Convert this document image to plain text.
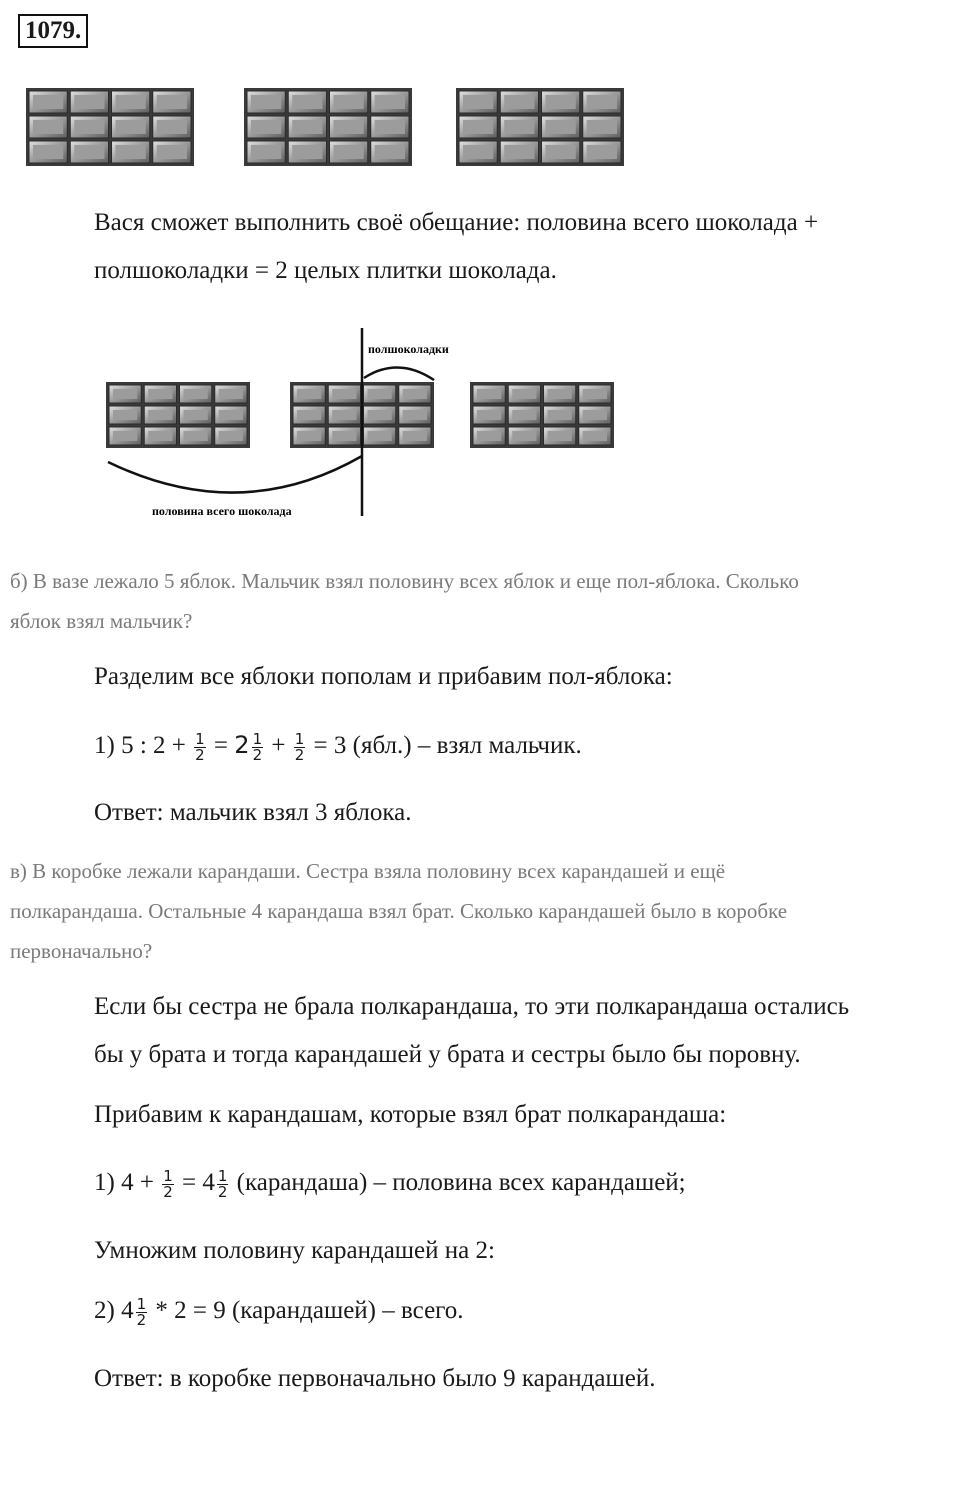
1079.
Вася сможет выполнить своё обещание: половина всего шоколада +
полшоколадки = 2 целых плитки шоколада.
полшоколадки
половина всего шоколада
б) В вазе лежало 5 яблок. Мальчик взял половину всех яблок и еще пол-яблока. Сколько
яблок взял мальчик?
Разделим все яблоки пополам и прибавим пол-яблока:
1) 5 : $2 + \frac{1}{2} = 2 \frac{1}{2} + \frac{1}{2} = 3$ (ябл.) – взял мальчик.
Ответ: мальчик взял 3 яблока.
в) В коробке лежали карандаши. Сестра взяла половину всех карандашей и ещё
полкарандаша. Остальные 4 карандаша взял брат. Сколько карандашей было в коробке
первоначально?
Если бы сестра не брала полкарандаша, то эти полкарандаша остались
бы у брата и тогда карандашей у брата и сестры было бы поровну.
Прибавим к карандашам, которые взял брат полкарандаша:
1) $4 + \frac{1}{2} = 4 \frac{1}{2}$ (карандаша) – половина всех карандашей;
Умножим половину карандашей на 2:
2) $4 \frac{1}{2} * 2 = 9$ (карандашей) – всего.
Ответ: в коробке первоначально было 9 карандашей.
